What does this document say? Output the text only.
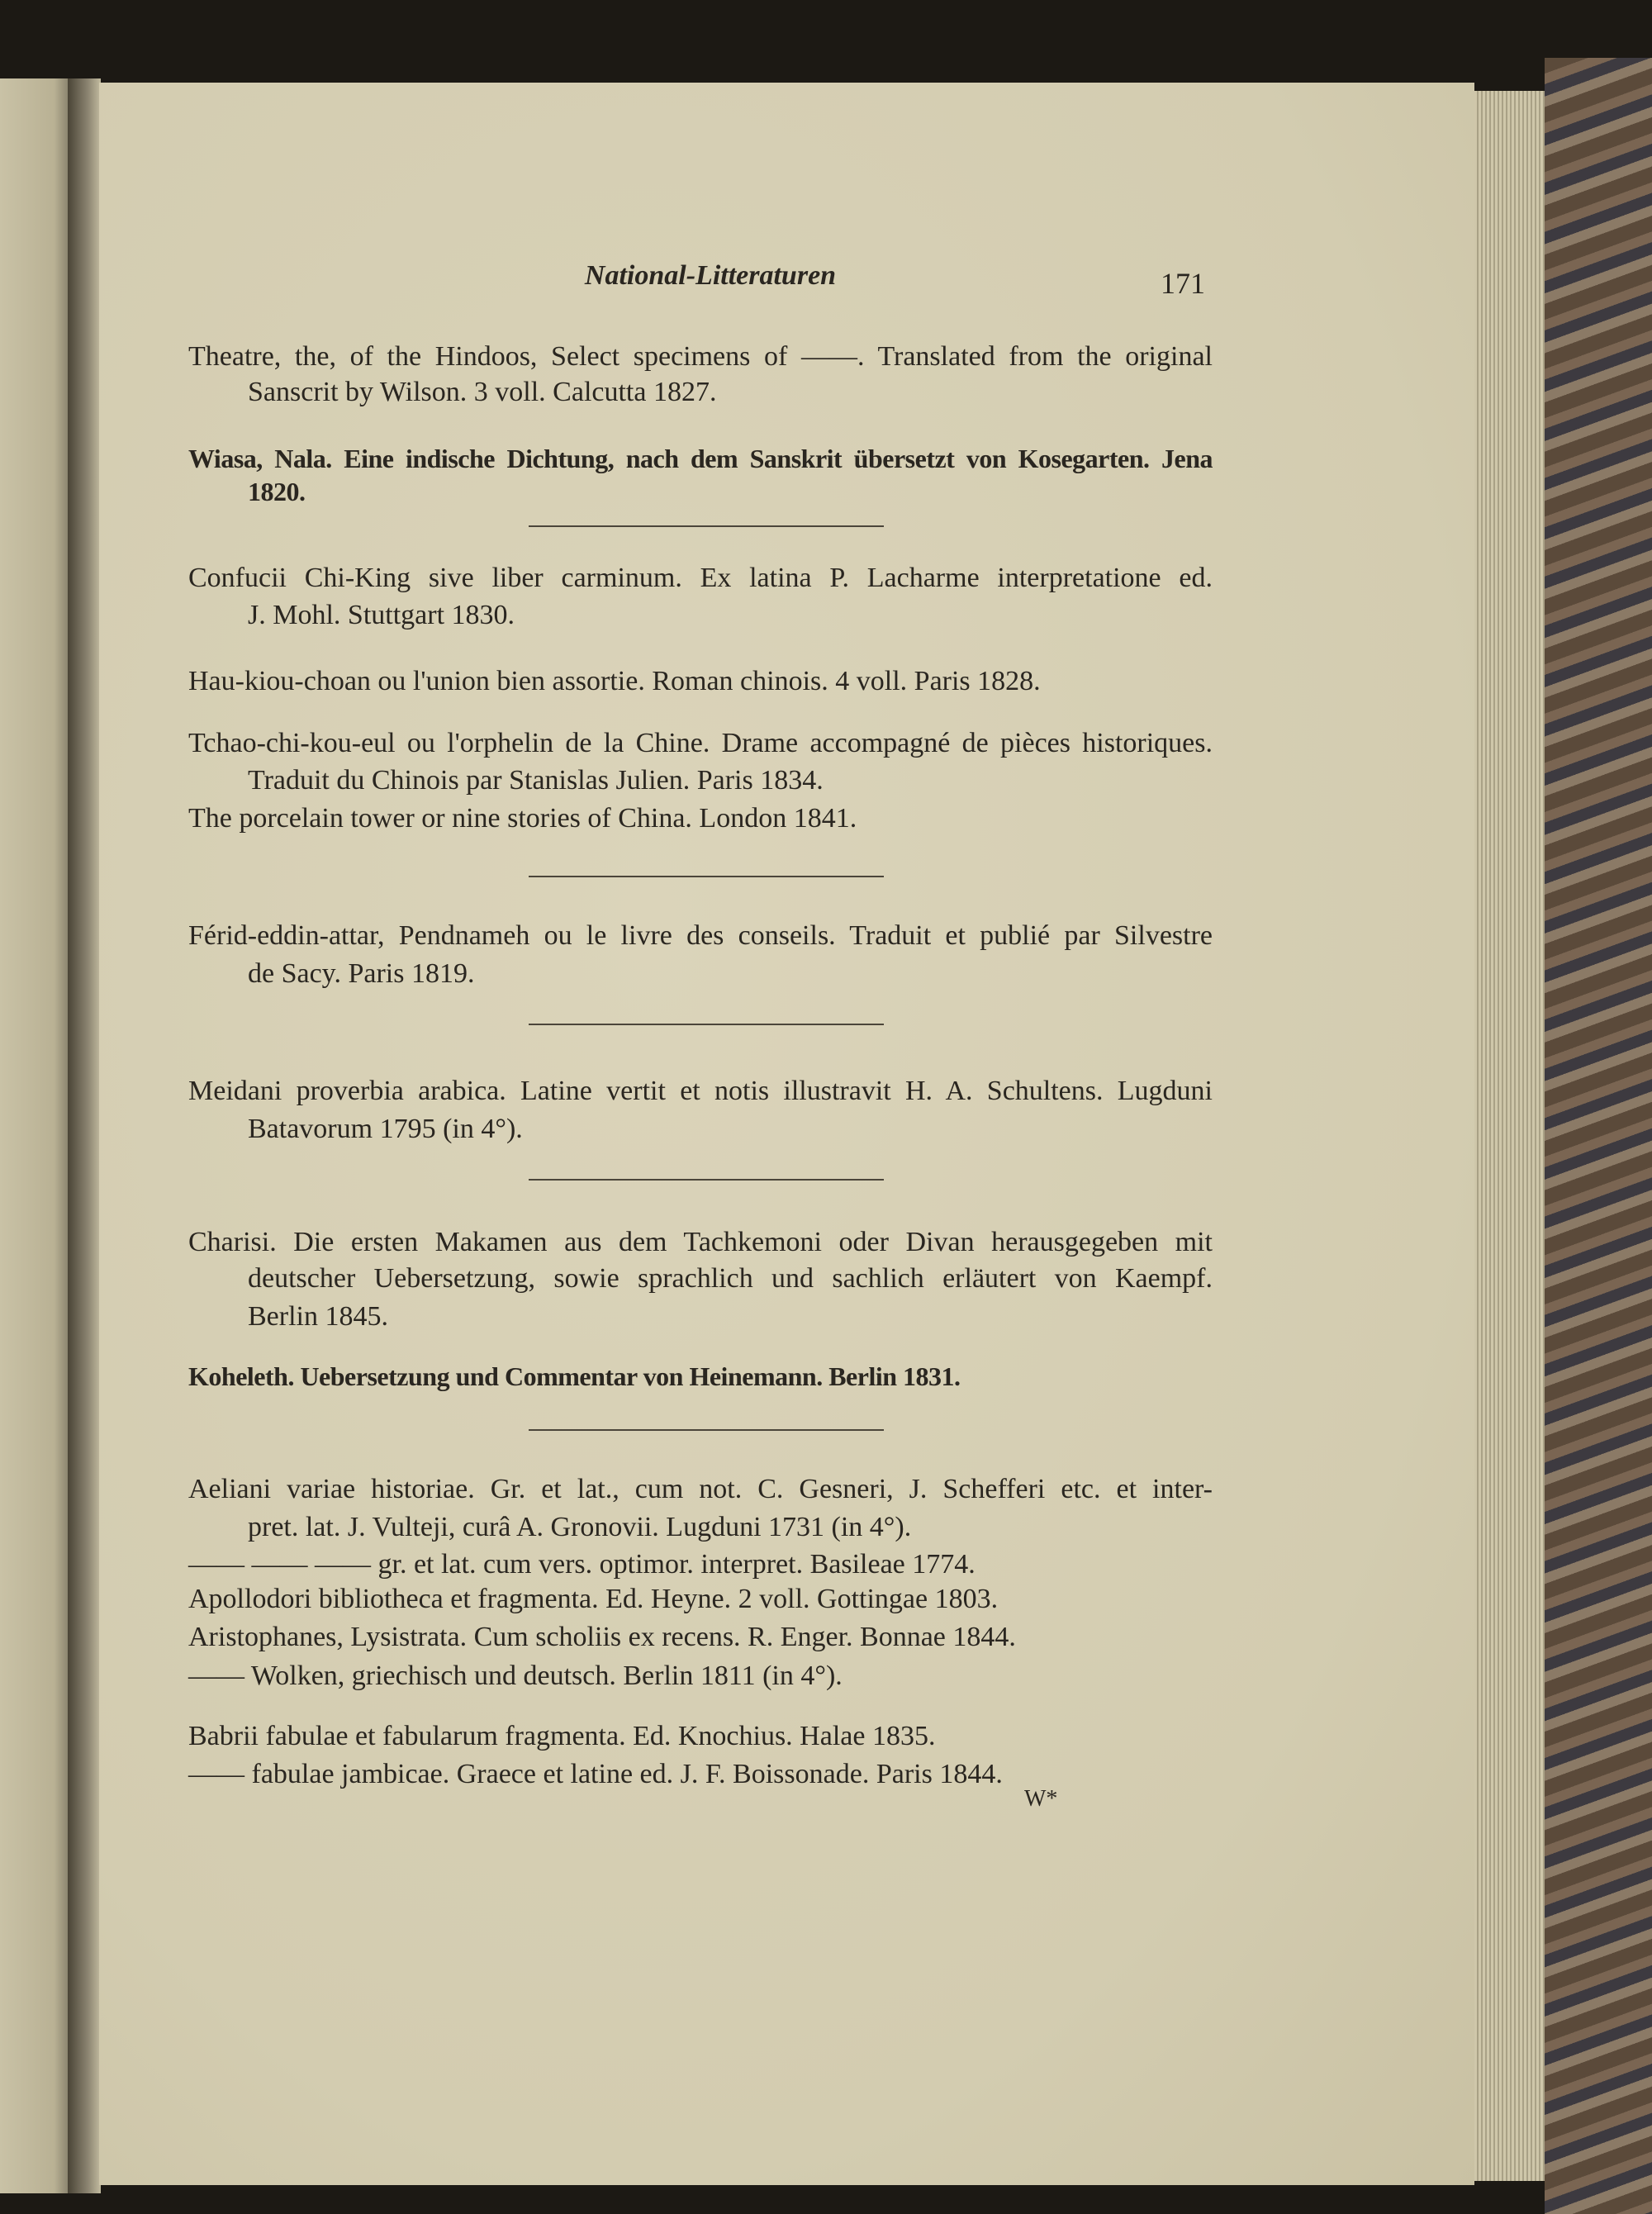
National-Litteraturen	171
Theatre, the, of the Hindoos, Select specimens of ——. Translated from the original
Sanscrit by Wilson. 3 voll. Calcutta 1827.
Wiasa, Nala. Eine indische Dichtung, nach dem Sanskrit übersetzt von Kosegarten. Jena
1820.
Confucii Chi-King sive liber carminum. Ex latina P. Lacharme interpretatione ed.
J. Mohl. Stuttgart 1830.
Hau-kiou-choan ou l'union bien assortie. Roman chinois. 4 voll. Paris 1828.
Tchao-chi-kou-eul ou l'orphelin de la Chine. Drame accompagné de pièces historiques.
Traduit du Chinois par Stanislas Julien. Paris 1834.
The porcelain tower or nine stories of China. London 1841.
Férid-eddin-attar, Pendnameh ou le livre des conseils. Traduit et publié par Silvestre
de Sacy. Paris 1819.
Meidani proverbia arabica. Latine vertit et notis illustravit H. A. Schultens. Lugduni
Batavorum 1795 (in 4°).
Charisi. Die ersten Makamen aus dem Tachkemoni oder Divan herausgegeben mit
deutscher Uebersetzung, sowie sprachlich und sachlich erläutert von Kaempf.
Berlin 1845.
Koheleth. Uebersetzung und Commentar von Heinemann. Berlin 1831.
Aeliani variae historiae. Gr. et lat., cum not. C. Gesneri, J. Schefferi etc. et inter-
pret. lat. J. Vulteji, curâ A. Gronovii. Lugduni 1731 (in 4°).
—— —— —— gr. et lat. cum vers. optimor. interpret. Basileae 1774.
Apollodori bibliotheca et fragmenta. Ed. Heyne. 2 voll. Gottingae 1803.
Aristophanes, Lysistrata. Cum scholiis ex recens. R. Enger. Bonnae 1844.
—— Wolken, griechisch und deutsch. Berlin 1811 (in 4°).
Babrii fabulae et fabularum fragmenta. Ed. Knochius. Halae 1835.
—— fabulae jambicae. Graece et latine ed. J. F. Boissonade. Paris 1844.
W*
